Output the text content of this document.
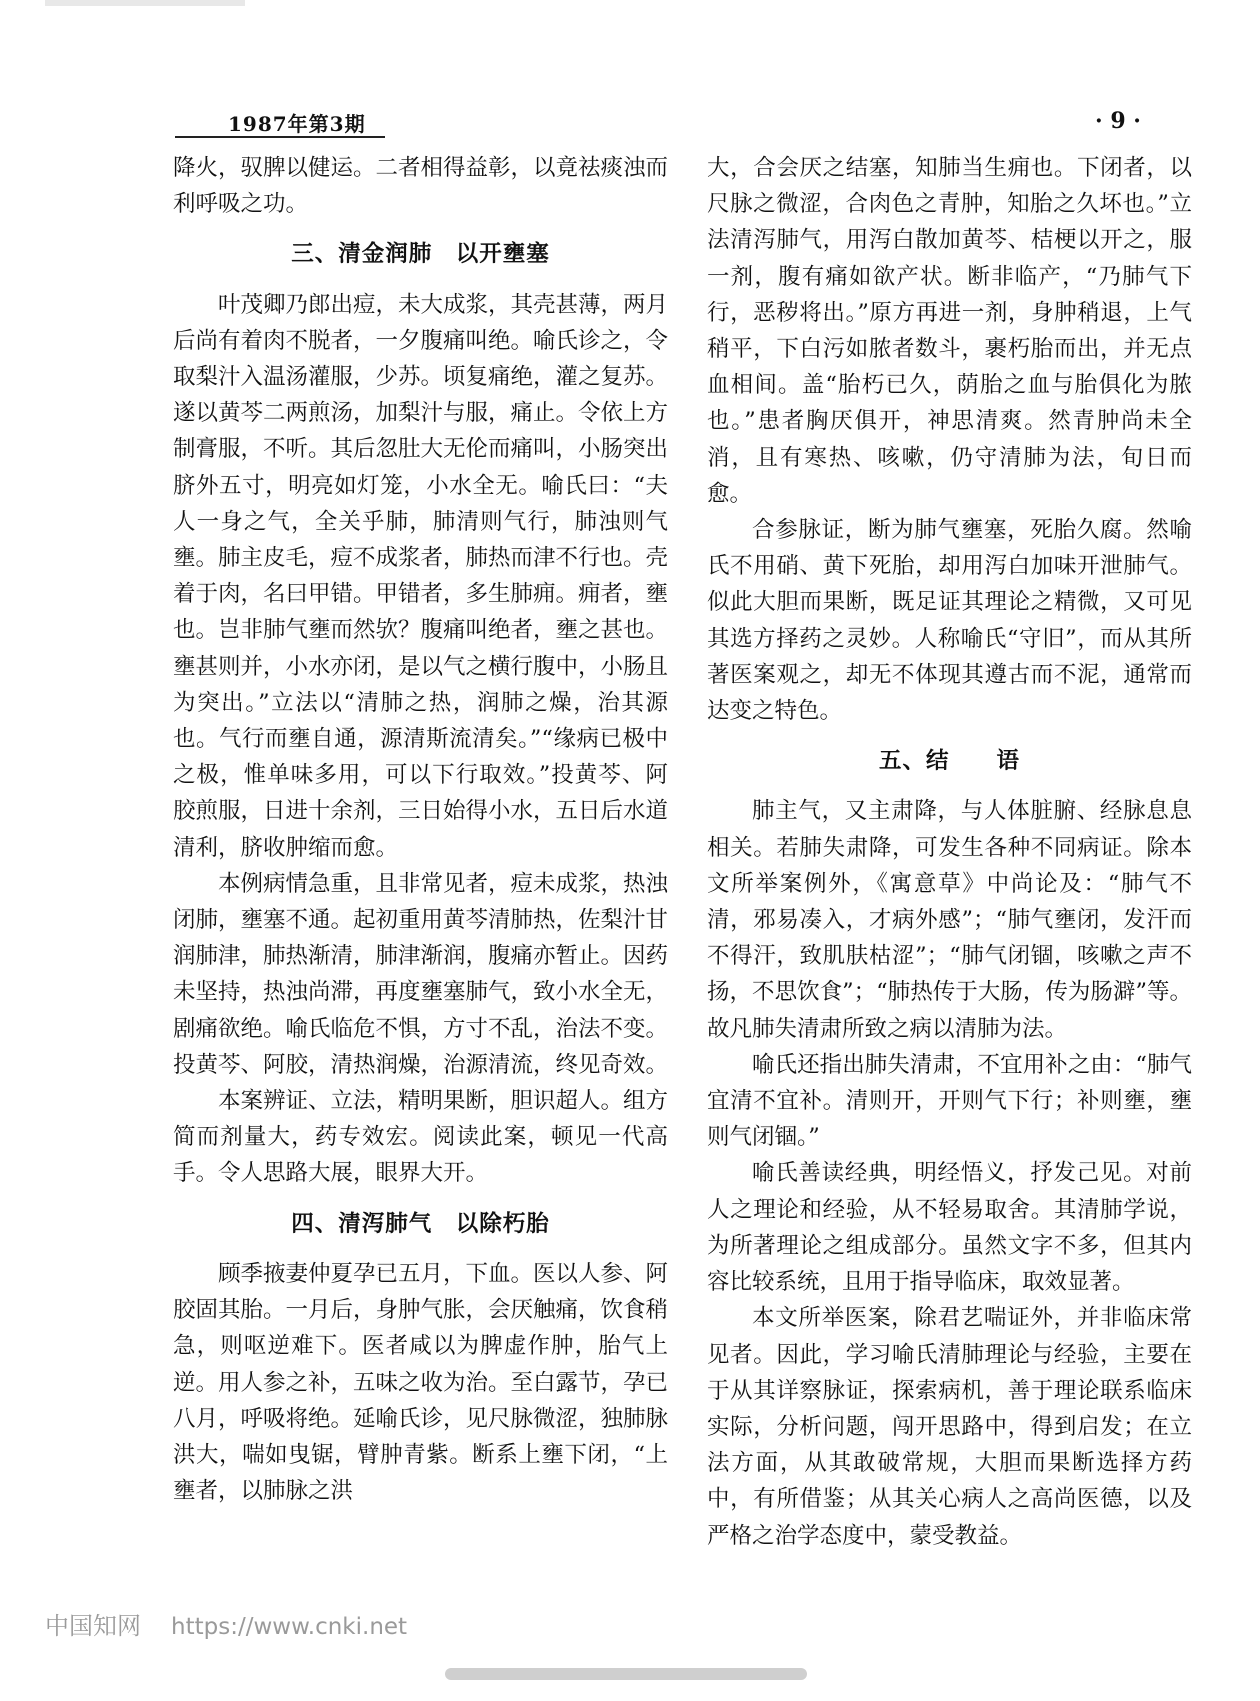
1987年第3期	· 9 ·

降火，驭脾以健运。二者相得益彰，以竟祛痰浊而利呼吸之功。

三、清金润肺　以开壅塞

叶茂卿乃郎出痘，未大成浆，其壳甚薄，两月后尚有着肉不脱者，一夕腹痛叫绝。喻氏诊之，令取梨汁入温汤灌服，少苏。顷复痛绝，灌之复苏。遂以黄芩二两煎汤，加梨汁与服，痛止。令依上方制膏服，不听。其后忽肚大无伦而痛叫，小肠突出脐外五寸，明亮如灯笼，小水全无。喻氏曰：“夫人一身之气，全关乎肺，肺清则气行，肺浊则气壅。肺主皮毛，痘不成浆者，肺热而津不行也。壳着于肉，名曰甲错。甲错者，多生肺痈。痈者，壅也。岂非肺气壅而然欤？腹痛叫绝者，壅之甚也。壅甚则并，小水亦闭，是以气之横行腹中，小肠且为突出。”立法以“清肺之热，润肺之燥，治其源也。气行而壅自通，源清斯流清矣。”“缘病已极中之极，惟单味多用，可以下行取效。”投黄芩、阿胶煎服，日进十余剂，三日始得小水，五日后水道清利，脐收肿缩而愈。

本例病情急重，且非常见者，痘未成浆，热浊闭肺，壅塞不通。起初重用黄芩清肺热，佐梨汁甘润肺津，肺热渐清，肺津渐润，腹痛亦暂止。因药未坚持，热浊尚滞，再度壅塞肺气，致小水全无，剧痛欲绝。喻氏临危不惧，方寸不乱，治法不变。投黄芩、阿胶，清热润燥，治源清流，终见奇效。

本案辨证、立法，精明果断，胆识超人。组方简而剂量大，药专效宏。阅读此案，顿见一代高手。令人思路大展，眼界大开。

四、清泻肺气　以除朽胎

顾季掖妻仲夏孕已五月，下血。医以人参、阿胶固其胎。一月后，身肿气胀，会厌触痛，饮食稍急，则呕逆难下。医者咸以为脾虚作肿，胎气上逆。用人参之补，五味之收为治。至白露节，孕已八月，呼吸将绝。延喻氏诊，见尺脉微涩，独肺脉洪大，喘如曳锯，臂肿青紫。断系上壅下闭，“上壅者，以肺脉之洪

大，合会厌之结塞，知肺当生痈也。下闭者，以尺脉之微涩，合肉色之青肿，知胎之久坏也。”立法清泻肺气，用泻白散加黄芩、桔梗以开之，服一剂，腹有痛如欲产状。断非临产，“乃肺气下行，恶秽将出。”原方再进一剂，身肿稍退，上气稍平，下白污如脓者数斗，裹朽胎而出，并无点血相间。盖“胎朽已久，荫胎之血与胎俱化为脓也。”患者胸厌俱开，神思清爽。然青肿尚未全消，且有寒热、咳嗽，仍守清肺为法，旬日而愈。

合参脉证，断为肺气壅塞，死胎久腐。然喻氏不用硝、黄下死胎，却用泻白加味开泄肺气。似此大胆而果断，既足证其理论之精微，又可见其选方择药之灵妙。人称喻氏“守旧”，而从其所著医案观之，却无不体现其遵古而不泥，通常而达变之特色。

五、结　　语

肺主气，又主肃降，与人体脏腑、经脉息息相关。若肺失肃降，可发生各种不同病证。除本文所举案例外，《寓意草》中尚论及：“肺气不清，邪易凑入，才病外感”；“肺气壅闭，发汗而不得汗，致肌肤枯涩”；“肺气闭锢，咳嗽之声不扬，不思饮食”；“肺热传于大肠，传为肠澼”等。故凡肺失清肃所致之病以清肺为法。

喻氏还指出肺失清肃，不宜用补之由：“肺气宜清不宜补。清则开，开则气下行；补则壅，壅则气闭锢。”

喻氏善读经典，明经悟义，抒发己见。对前人之理论和经验，从不轻易取舍。其清肺学说，为所著理论之组成部分。虽然文字不多，但其内容比较系统，且用于指导临床，取效显著。

本文所举医案，除君艺喘证外，并非临床常见者。因此，学习喻氏清肺理论与经验，主要在于从其详察脉证，探索病机，善于理论联系临床实际，分析问题，闯开思路中，得到启发；在立法方面，从其敢破常规，大胆而果断选择方药中，有所借鉴；从其关心病人之高尚医德，以及严格之治学态度中，蒙受教益。

中国知网 https://www.cnki.net
